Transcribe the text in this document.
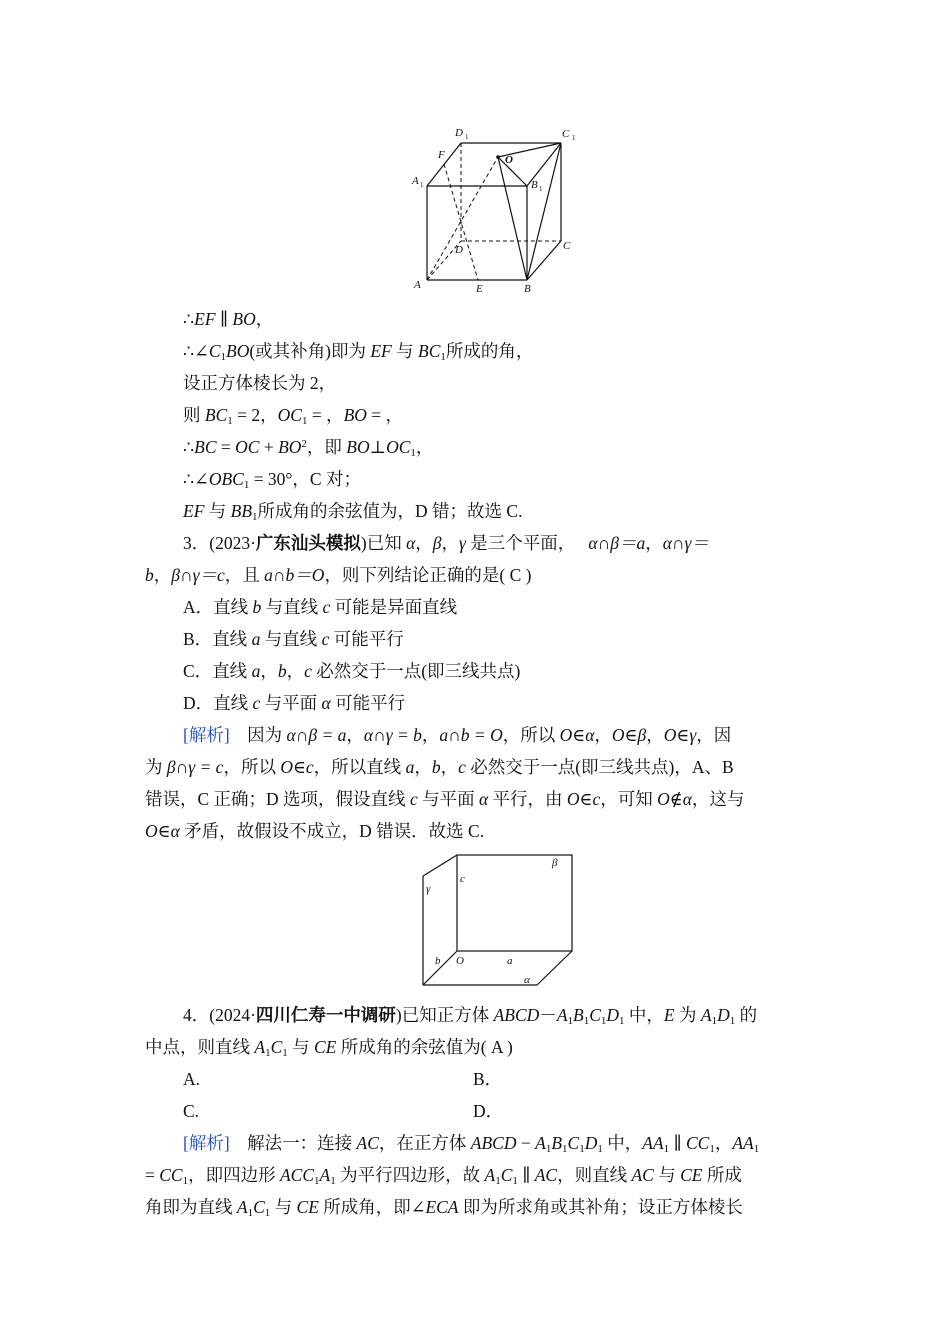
D 1	C 1
F	O
A 1	B 1
D	C
A	E	B
∴EF ∥ BO，
$\therefore\angle C_1BO$(或其补角)即为 EF 与 $BC_1$所成的角，
设正方体棱长为 2，
则 $BC_1 = 2$，$OC_1$ = ，BO = ，
∴BC = OC + $BO^2$，即 $BO\perp OC_1$，
$\therefore\angle OBC_1 = 30^\circ$，C 对；
EF 与 $BB_1$所成角的余弦值为，D 错；故选 C.
3．(2023·广东汕头模拟)已知 α，β，γ 是三个平面， α∩β＝a，α∩γ＝
b，β∩γ＝c，且 a∩b＝O，则下列结论正确的是( C )
A．直线 b 与直线 c 可能是异面直线
B．直线 a 与直线 c 可能平行
C．直线 a，b，c 必然交于一点(即三线共点)
D．直线 c 与平面 α 可能平行
[解析]　因为 α∩β = a，α∩γ = b，a∩b = O，所以 O∈α，O∈β，O∈γ，因
为 β∩γ = c，所以 O∈c，所以直线 a，b，c 必然交于一点(即三线共点)，A、B
错误，C 正确；D 选项，假设直线 c 与平面 α 平行，由 O∈c，可知 O∉α，这与
O∈α 矛盾，故假设不成立，D 错误．故选 C.
β
γ
c
b O	a
α
4．(2024·四川仁寿一中调研)已知正方体 $ABCD-A_1B_1C_1D_1$ 中，E 为 $A_1D_1$ 的
中点，则直线 $A_1C_1$ 与 CE 所成角的余弦值为( A )
A.	B．
C.	D．
[解析]　解法一：连接 AC，在正方体 ABCD − $A_1B_1C_1D_1$ 中，$AA_1$ ∥ $CC_1$，$AA_1$
= $CC_1$，即四边形 $ACC_1A_1$ 为平行四边形，故 $A_1C_1$ ∥ AC，则直线 AC 与 CE 所成
角即为直线 $A_1C_1$ 与 CE 所成角，即∠ECA 即为所求角或其补角；设正方体棱长
